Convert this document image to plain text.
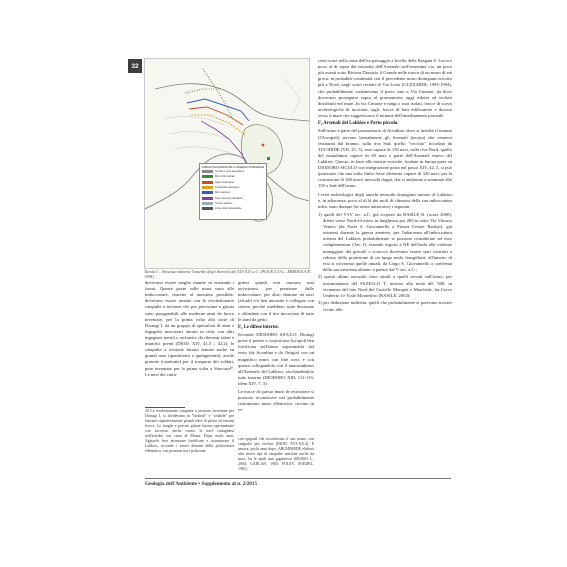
32
SIRACUSA DURANTE L'ASSEDIO ATENIESE
Circuito e mura preesistenti
Muro di Ermocrate
Opere siracusane
Controvallo siracusano
Muro ateniese
Opere ateniesi (Labdalon)
Terreno palustre
Limite della costa attuale
Tavola I – Siracusa durante l'assedio degli Ateniesi del 415-413 a.C. (POLACCO L., MIRISOLA R. 1998).

centi scavi nella zona dell'ex passaggio a livello della Borgata S. Lucia e poco al di sopra dei neosoiki dell'Arsenale nell'omonima via, un poco più avanti sotto Riviera Dionisio il Grande nelle tracce di un muro di età greca, in probabile continuità con il precedente muro dionigiano trovato più a Nord; negli scavi recenti di Via Lotta (GUZZARDI, 1993-1994), che probabilmente contenevano il porto sino a Via Cimone, da dove dovevano proseguire sopra al promontorio oggi ridotto ad isolotti distribuiti nel mare. In via Cimone e lungo i suoi isolati, tracce di scavo archeologiche di incisioni, tagli, fracce di basi edificatorie e discese verso il mare che suggeriscono il termine dell'insediamento portuale.

F₂ Arsenali del Lakkios e Porto piccolo.

Sull'istmo e parte del promontorio di Acradina, dove si insediò il tiranno (l'Acropoli) stavano lateralmente gli Arsenali (neoria) che vennero restaurati dal tiranno, sulla riva Sud, quello "vecchio" ricordato da TUCIDIDE (VII, 25, 5), reso capace di 150 navi, sulla riva Nord, quello del nautathmos capace di 60 navi e parte dell'Arsenale nuovo del Lakkios. Questo, in base alle notizie storiche, fondate in buona parte su DIODORO SICULO con integrazione posta nel passo XIV, 42, 5, si può ipotizzare che una volta finito fosse divenuto capace di 320 navi, per la costruzione di 160 nuovi neosoiki doppi, che si andarono a sommare alle 150 a Sud dell'istmo.

I resti archeologici degli antichi neosoiki dionigiani intorno al Lakkios e, in adiacenza, poco al di là dei moli di chiusura della sua imboccatura infra, sono dunque (in senso antiorario) i seguenti:

1) quelli del V-IV sec. a.C. già scoperti da BASILE B. (scavi 2000), diretti verso Nord ed estesi in lunghezza per 200 m sotto Via Vittorio Veneto (da Forte S. Giovannello a Piazza Cesare Battisti); già esistenti durante la guerra ateniese, per l'adiacenza all'imboccatura interna del Lakkios probabilmente si possono considerare ad esso complementari (Tav. I), essendo esposti a NE dell'isola alle violente mareggiate dei grecale e scirocco dovevano essere stati costruiti a ridosso della protezione di un lungo molo frangiflutti; all'interno di essi si trovarono quelle attuali, da Largo S. Giovannello a conferma della sua esistenza almeno a partire dal V sec. a.C.;
2) questi ultimi neosoiki sono simili a quelli trovati sull'istmo, per testimonianza del FAZELLO T. intorno alla metà del '500, in vicinanza del lato Nord del Castello Marquet e Marchetti, fra Corso Umberto I e Viale Montedoro (BASILE, 2002);
3) per deduzione indiretta, quelli che probabilmente si potevano trovare vicino alle

dovevano essere meglio munite su entrambi i fronti. Queste poste sulle mura sono alle imboccature, ristrette al massimo possibile, dovevano essere armate con le rivoluzionarie catapulte a torsione che per precisione e gittata sono paragonabili alle moderne armi da fuoco inventate, per la prima volta alla corte di Dionigi I, da un gruppo di specialisti di armi e ingegneri meccanici attratti in città, con altri ingegneri navali e architetti, da rilevanti salari e munifici premi (DIOD. XIV, 41,3 – 42,2); le catapulte a torsione furono armate anche su grandi navi (quadriremi e quinqueremi), anche protette (catafratte) per il trasporto dei soldati, pure inventate per la prima volta a Siracusa²⁰. Le navi dei carta-

ginesi quindi non osarono mai avvicinarsi per penetrare dalle imboccature, per altro sbarrate da navi (alcadi) e/o ben ancorate e collegate con catene, poiché sarebbero state devastate e affondate con il tiro incrociato di tutte le armi da getto.

F₃ Le difese interne.

Secondo DIODORO SICULO, Dionigi prese il potere e costruì una Acropoli ben fortificata sull'istmo separandola dal resto (da Acradina e da Ortigia) con un magnifico muro con fitte torri, e con questo collegandola con il nauostathmos all'Arsenale del Lakkios, racchiudendolo tutto intorno (DIODORO XIII, 112-113; idem XIV, 7, 3).

Le tracce di questo muro di recinzione si possono riconoscere nel probabilmente ristrutturato muro ellenistico, trovato in re-

20 Le rivoluzionarie catapulte a torsione, inventate per Dionigi I, si dividevano in "litobole" e "oxibele" per lanciare rispettivamente grandi sfere di pietra ed enormi frecce. Le lunghe e precise gittate furono sperimentate con successo anche contro le navi cartaginesi nell'assedio con cinta di Mozia. Dopo molti anni, Agatocle fece attrezzare fortificare e ristrutturare il Lakkios, secondo i nuovi dettami della poliorcetica ellenistica, con possenti torri policrone,
con epigrafi che ricordavano il suo nome, con catapulte più evolute (DIOD. XVI-XX.2). E ancora, pochi anni dopo, ARCHIMEDE elaborò altri nuovi tipi di catapulte meritate anche da navi, fra le quali una gigantesca (RUSSO L., 2004; GARLAN, 1965; FOLEY, SOEDEL, 1981).
Geologia dell'Ambiente • Supplemento al n. 2/2015
